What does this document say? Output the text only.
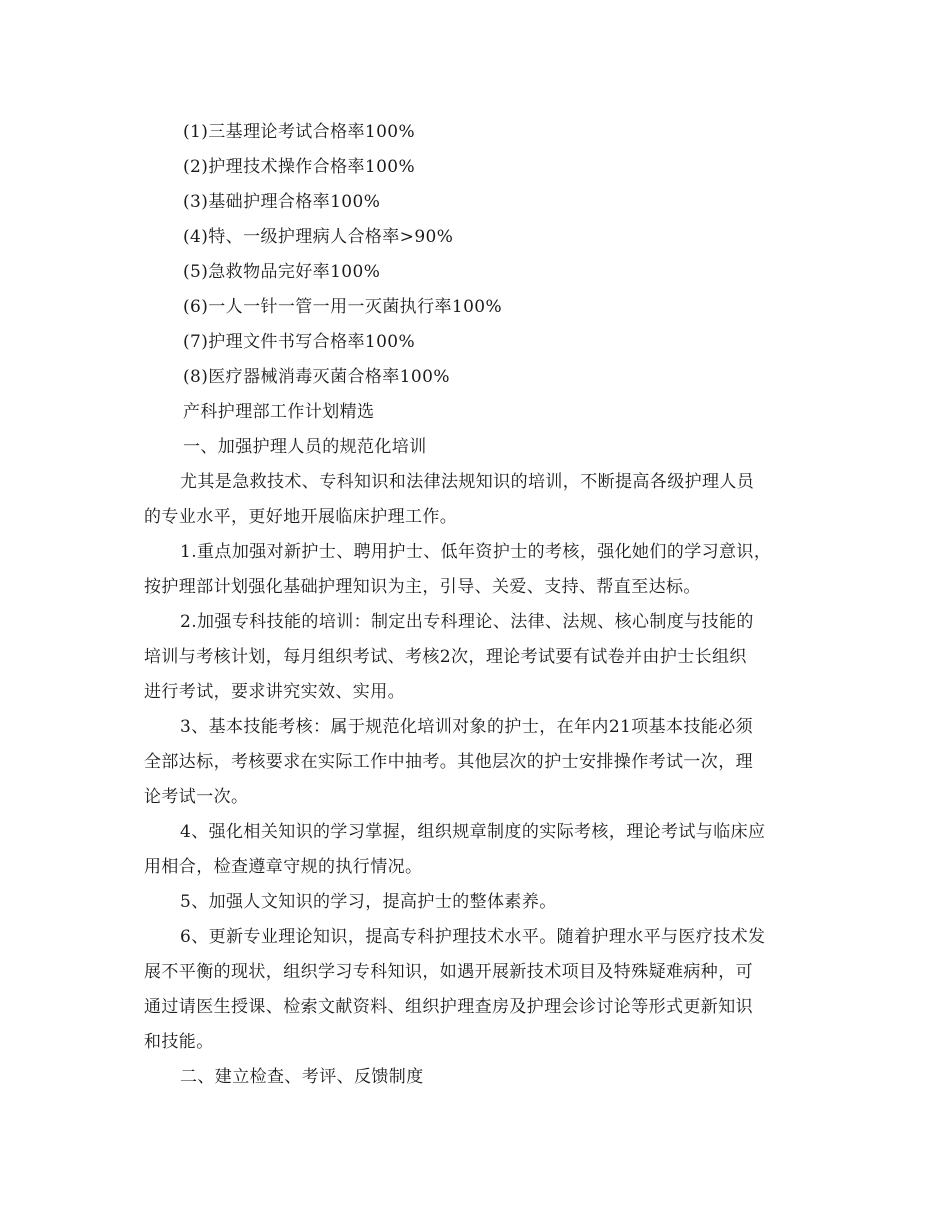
(1)三基理论考试合格率100%
(2)护理技术操作合格率100%
(3)基础护理合格率100%
(4)特、一级护理病人合格率>90%
(5)急救物品完好率100%
(6)一人一针一管一用一灭菌执行率100%
(7)护理文件书写合格率100%
(8)医疗器械消毒灭菌合格率100%
产科护理部工作计划精选
一、加强护理人员的规范化培训
尤其是急救技术、专科知识和法律法规知识的培训，不断提高各级护理人员
的专业水平，更好地开展临床护理工作。
1.重点加强对新护士、聘用护士、低年资护士的考核，强化她们的学习意识，
按护理部计划强化基础护理知识为主，引导、关爱、支持、帮直至达标。
2.加强专科技能的培训：制定出专科理论、法律、法规、核心制度与技能的
培训与考核计划，每月组织考试、考核2次，理论考试要有试卷并由护士长组织
进行考试，要求讲究实效、实用。
3、基本技能考核：属于规范化培训对象的护士，在年内21项基本技能必须
全部达标，考核要求在实际工作中抽考。其他层次的护士安排操作考试一次，理
论考试一次。
4、强化相关知识的学习掌握，组织规章制度的实际考核，理论考试与临床应
用相合，检查遵章守规的执行情况。
5、加强人文知识的学习，提高护士的整体素养。
6、更新专业理论知识，提高专科护理技术水平。随着护理水平与医疗技术发
展不平衡的现状，组织学习专科知识，如遇开展新技术项目及特殊疑难病种，可
通过请医生授课、检索文献资料、组织护理查房及护理会诊讨论等形式更新知识
和技能。
二、建立检查、考评、反馈制度
